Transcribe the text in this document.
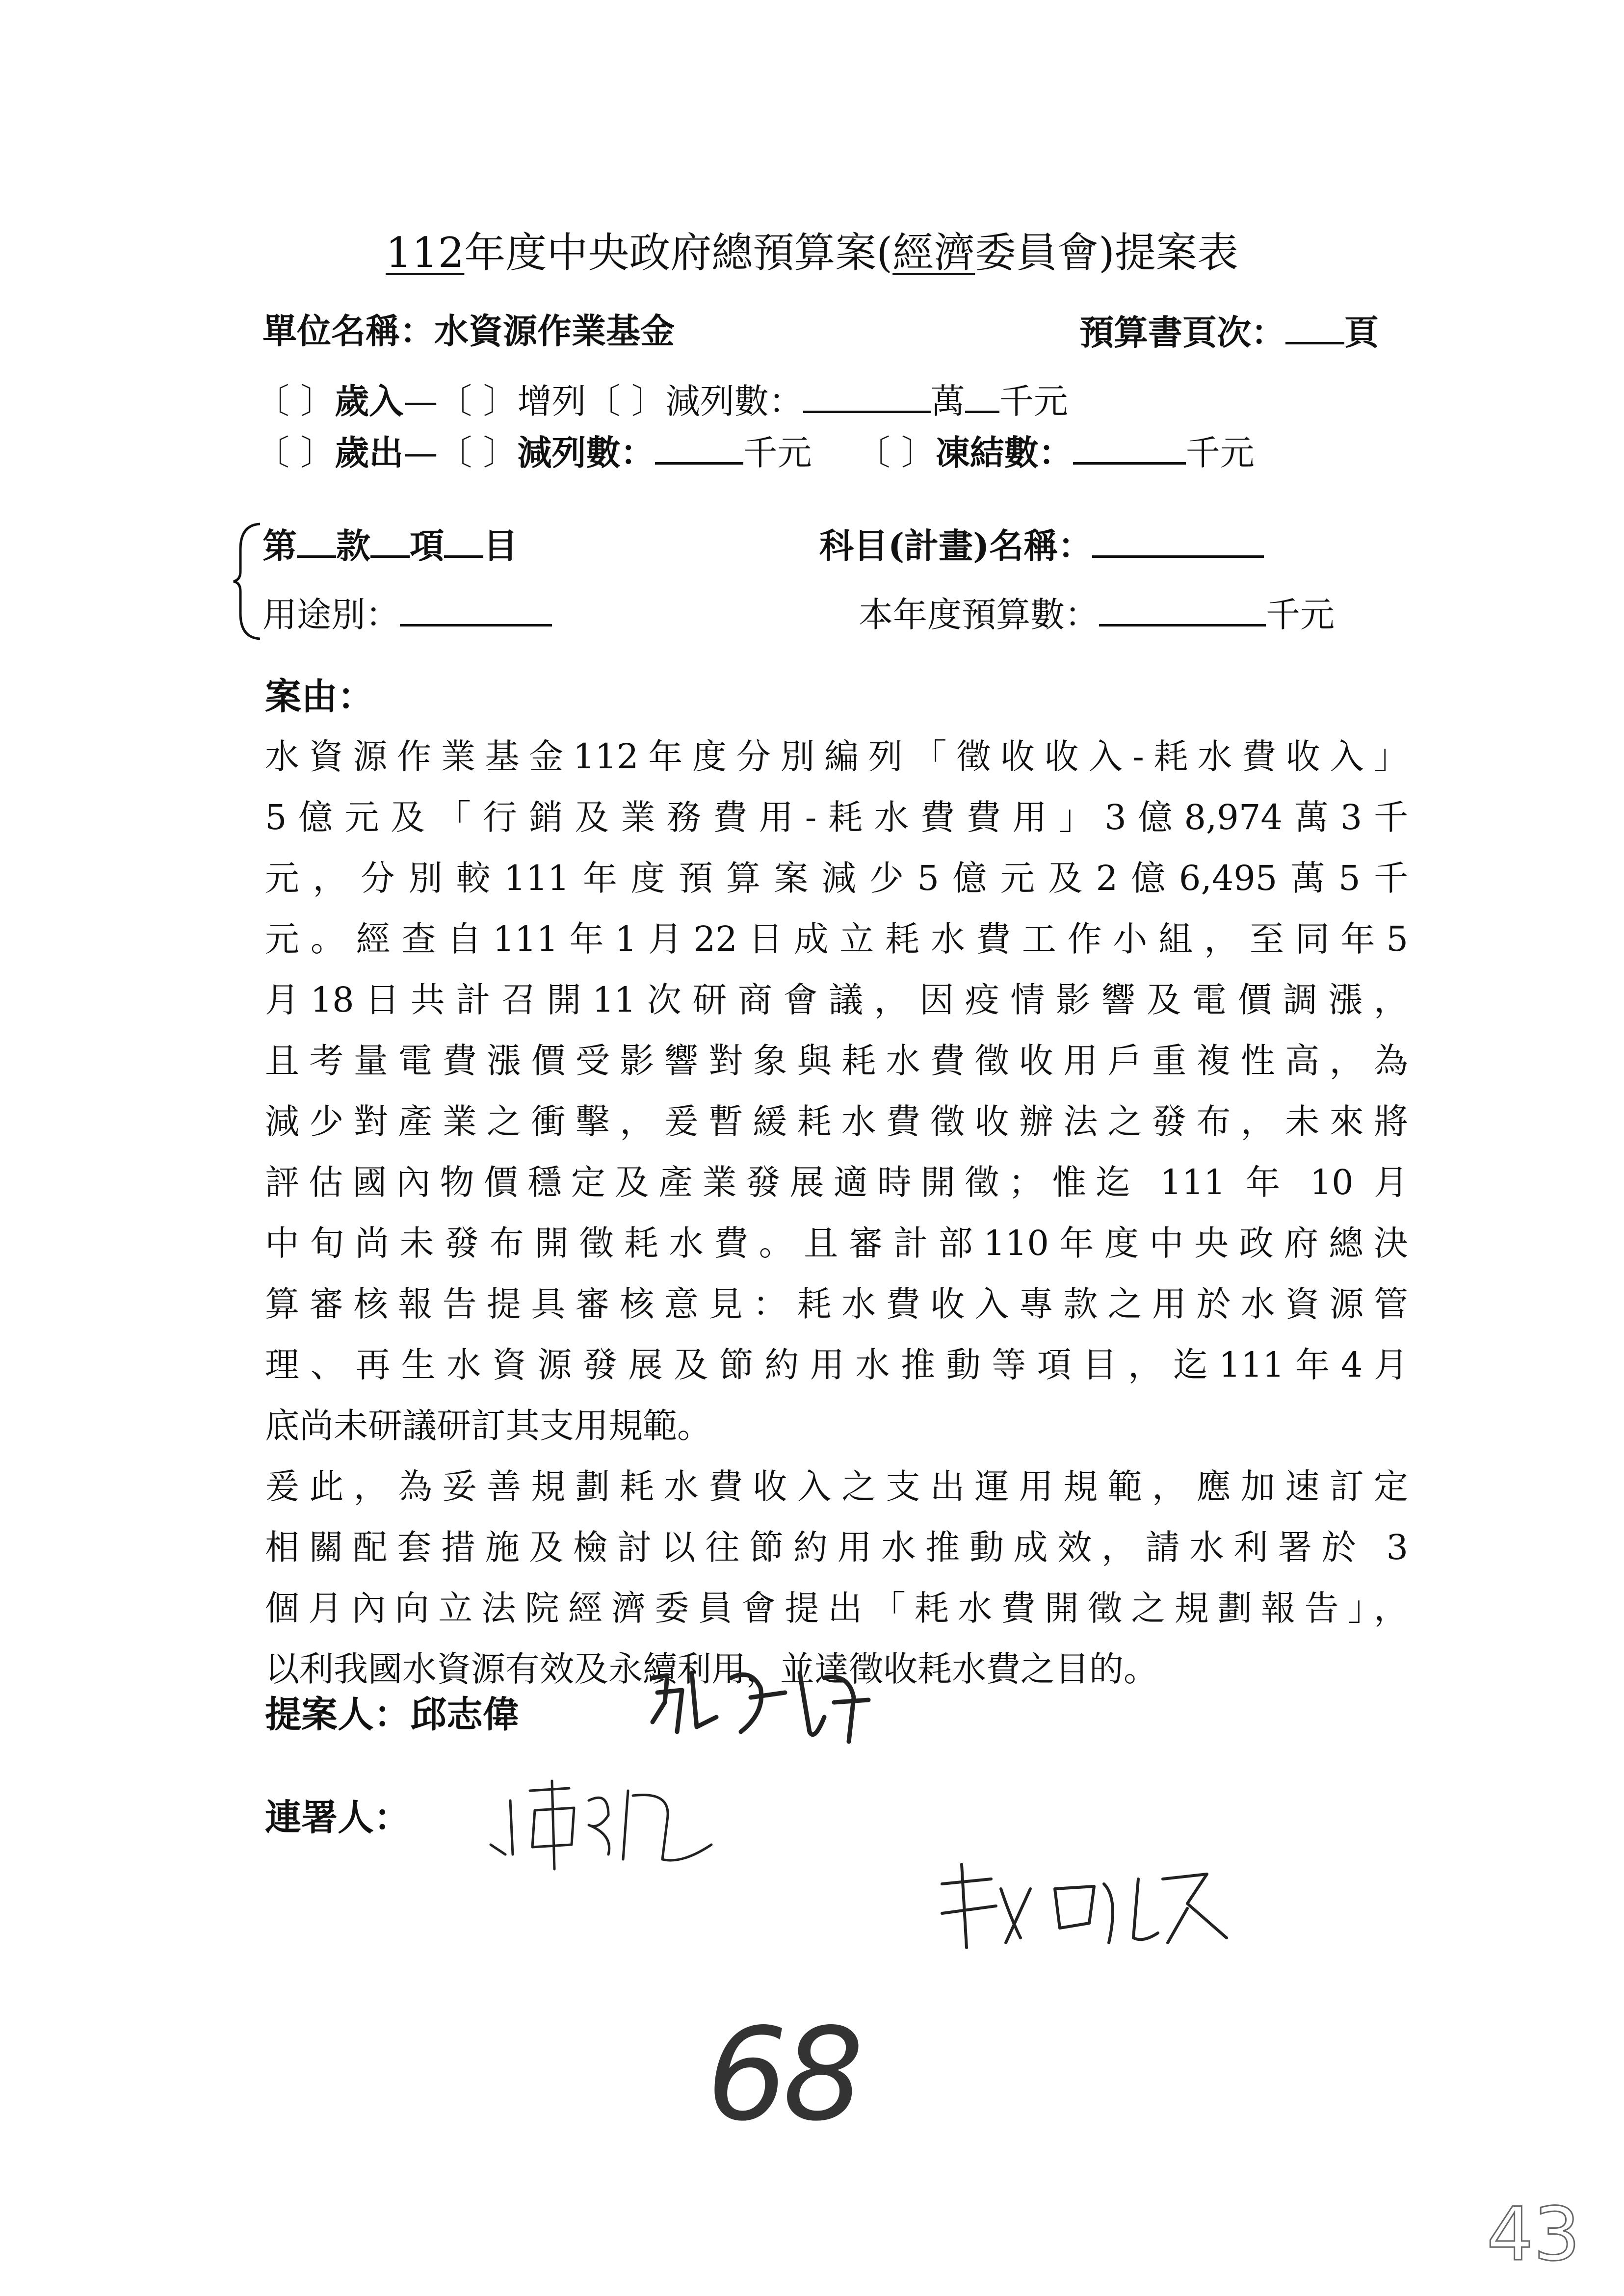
112年度中央政府總預算案(經濟委員會)提案表
單位名稱：水資源作業基金	預算書頁次： 頁
〔 〕歲入—〔 〕增列〔 〕減列數：	萬 千元
〔 〕歲出—〔 〕減列數：	千元 〔 〕凍結數：	千元
第 款 項 目	科目(計畫)名稱：
用途別：	本年度預算數：	千元
案由：
水資源作業基金112年度分別編列「徵收收入-耗水費收入」
5億元及「行銷及業務費用-耗水費費用」3億8,974萬3千
元，分別較111年度預算案減少5億元及2億6,495萬5千
元。經查自111年1月22日成立耗水費工作小組，至同年5
月18日共計召開11次研商會議，因疫情影響及電價調漲，
且考量電費漲價受影響對象與耗水費徵收用戶重複性高，為
減少對產業之衝擊，爰暫緩耗水費徵收辦法之發布，未來將
評估國內物價穩定及產業發展適時開徵；惟迄 111 年 10 月
中旬尚未發布開徵耗水費。且審計部110年度中央政府總決
算審核報告提具審核意見：耗水費收入專款之用於水資源管
理、再生水資源發展及節約用水推動等項目，迄111年4月
底尚未研議研訂其支用規範。
爰此，為妥善規劃耗水費收入之支出運用規範，應加速訂定
相關配套措施及檢討以往節約用水推動成效，請水利署於 3
個月內向立法院經濟委員會提出「耗水費開徵之規劃報告」，
以利我國水資源有效及永續利用，並達徵收耗水費之目的。
提案人：邱志偉
連署人：
68
43
